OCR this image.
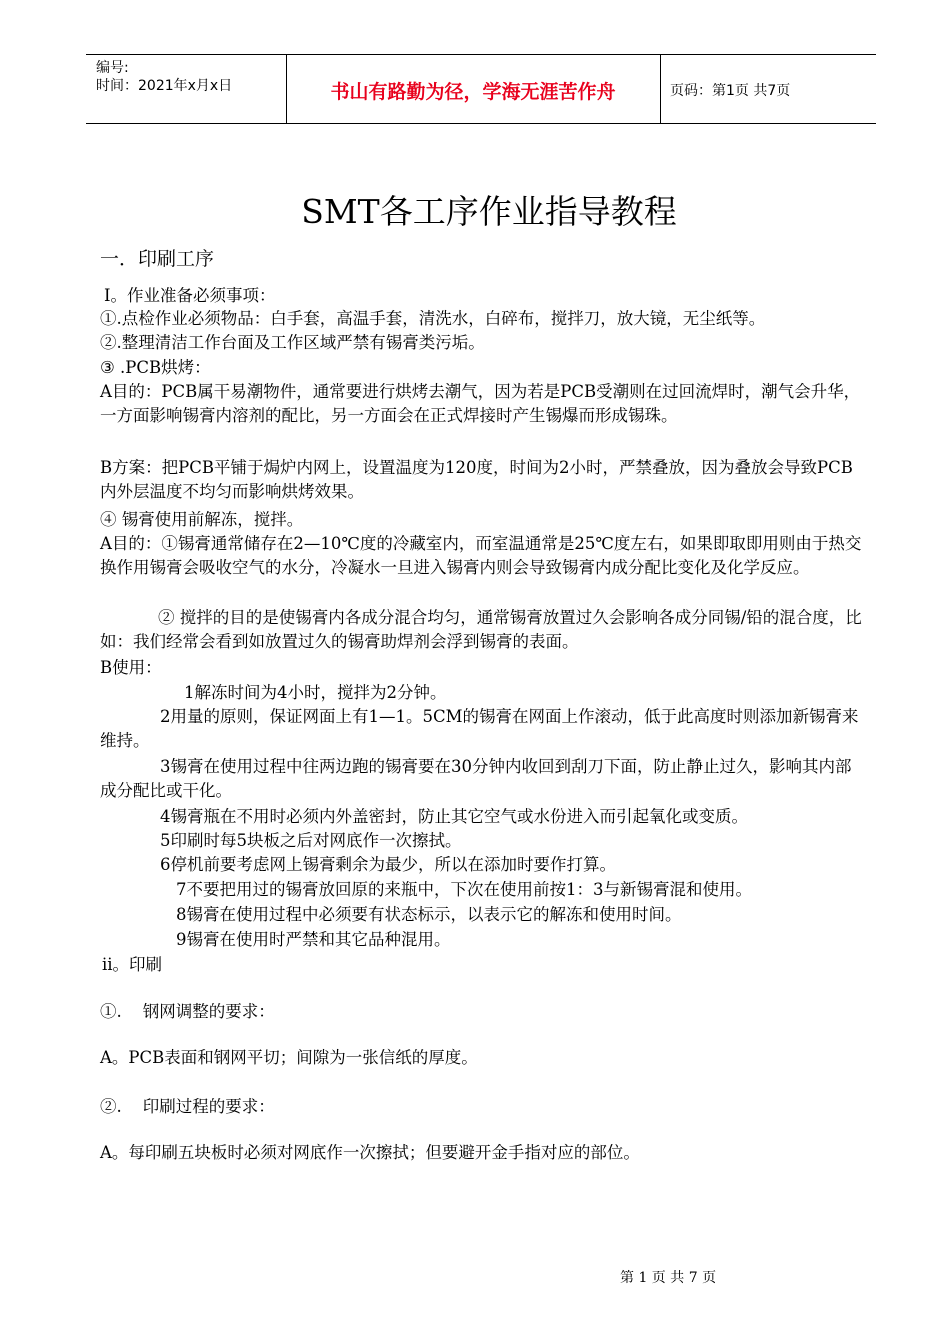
编号:
时间：2021年x月x日	书山有路勤为径，学海无涯苦作舟	页码：第1页 共7页
SMT各工序作业指导教程
一．印刷工序
Ⅰ。作业准备必须事项：
①.点检作业必须物品：白手套，高温手套，清洗水，白碎布，搅拌刀，放大镜，无尘纸等。
②.整理清洁工作台面及工作区域严禁有锡膏类污垢。
③ .PCB烘烤：
A目的：PCB属干易潮物件，通常要进行烘烤去潮气，因为若是PCB受潮则在过回流焊时，潮气会升华，一方面影响锡膏内溶剂的配比，另一方面会在正式焊接时产生锡爆而形成锡珠。
B方案：把PCB平铺于焗炉内网上，设置温度为120度，时间为2小时，严禁叠放，因为叠放会导致PCB内外层温度不均匀而影响烘烤效果。
④ 锡膏使用前解冻，搅拌。
A目的：①锡膏通常储存在2—10℃度的冷藏室内，而室温通常是25℃度左右，如果即取即用则由于热交换作用锡膏会吸收空气的水分，冷凝水一旦进入锡膏内则会导致锡膏内成分配比变化及化学反应。
② 搅拌的目的是使锡膏内各成分混合均匀，通常锡膏放置过久会影响各成分同锡/铅的混合度，比如：我们经常会看到如放置过久的锡膏助焊剂会浮到锡膏的表面。
B使用：
1解冻时间为4小时，搅拌为2分钟。
2用量的原则，保证网面上有1—1。5CM的锡膏在网面上作滚动，低于此高度时则添加新锡膏来维持。
3锡膏在使用过程中往两边跑的锡膏要在30分钟内收回到刮刀下面，防止静止过久，影响其内部成分配比或干化。
4锡膏瓶在不用时必须内外盖密封，防止其它空气或水份进入而引起氧化或变质。
5印刷时每5块板之后对网底作一次擦拭。
6停机前要考虑网上锡膏剩余为最少，所以在添加时要作打算。
7不要把用过的锡膏放回原的来瓶中，下次在使用前按1：3与新锡膏混和使用。
8锡膏在使用过程中必须要有状态标示，以表示它的解冻和使用时间。
9锡膏在使用时严禁和其它品种混用。
ⅱ。印刷
①.    钢网调整的要求：
A。PCB表面和钢网平切；间隙为一张信纸的厚度。
②.    印刷过程的要求：
A。每印刷五块板时必须对网底作一次擦拭；但要避开金手指对应的部位。
第 1 页 共 7 页
